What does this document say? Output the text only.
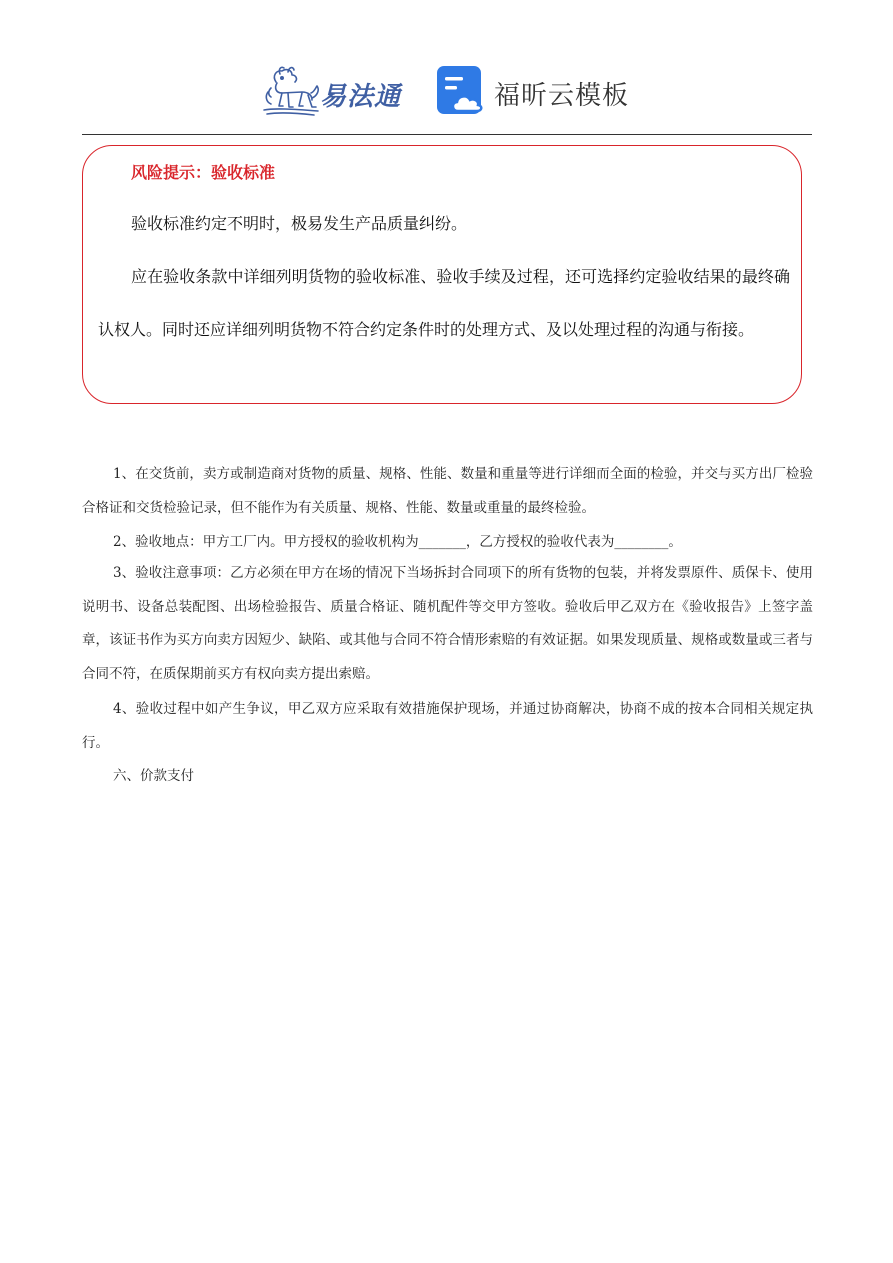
易法通	福昕云模板
风险提示：验收标准

验收标准约定不明时，极易发生产品质量纠纷。

应在验收条款中详细列明货物的验收标准、验收手续及过程，还可选择约定验收结果的最终确认权人。同时还应详细列明货物不符合约定条件时的处理方式、及以处理过程的沟通与衔接。

1、在交货前，卖方或制造商对货物的质量、规格、性能、数量和重量等进行详细而全面的检验，并交与买方出厂检验合格证和交货检验记录，但不能作为有关质量、规格、性能、数量或重量的最终检验。

2、验收地点：甲方工厂内。甲方授权的验收机构为_______，乙方授权的验收代表为________。

3、验收注意事项：乙方必须在甲方在场的情况下当场拆封合同项下的所有货物的包装，并将发票原件、质保卡、使用说明书、设备总装配图、出场检验报告、质量合格证、随机配件等交甲方签收。验收后甲乙双方在《验收报告》上签字盖章，该证书作为买方向卖方因短少、缺陷、或其他与合同不符合情形索赔的有效证据。如果发现质量、规格或数量或三者与合同不符，在质保期前买方有权向卖方提出索赔。

4、验收过程中如产生争议，甲乙双方应采取有效措施保护现场，并通过协商解决，协商不成的按本合同相关规定执行。

六、价款支付
